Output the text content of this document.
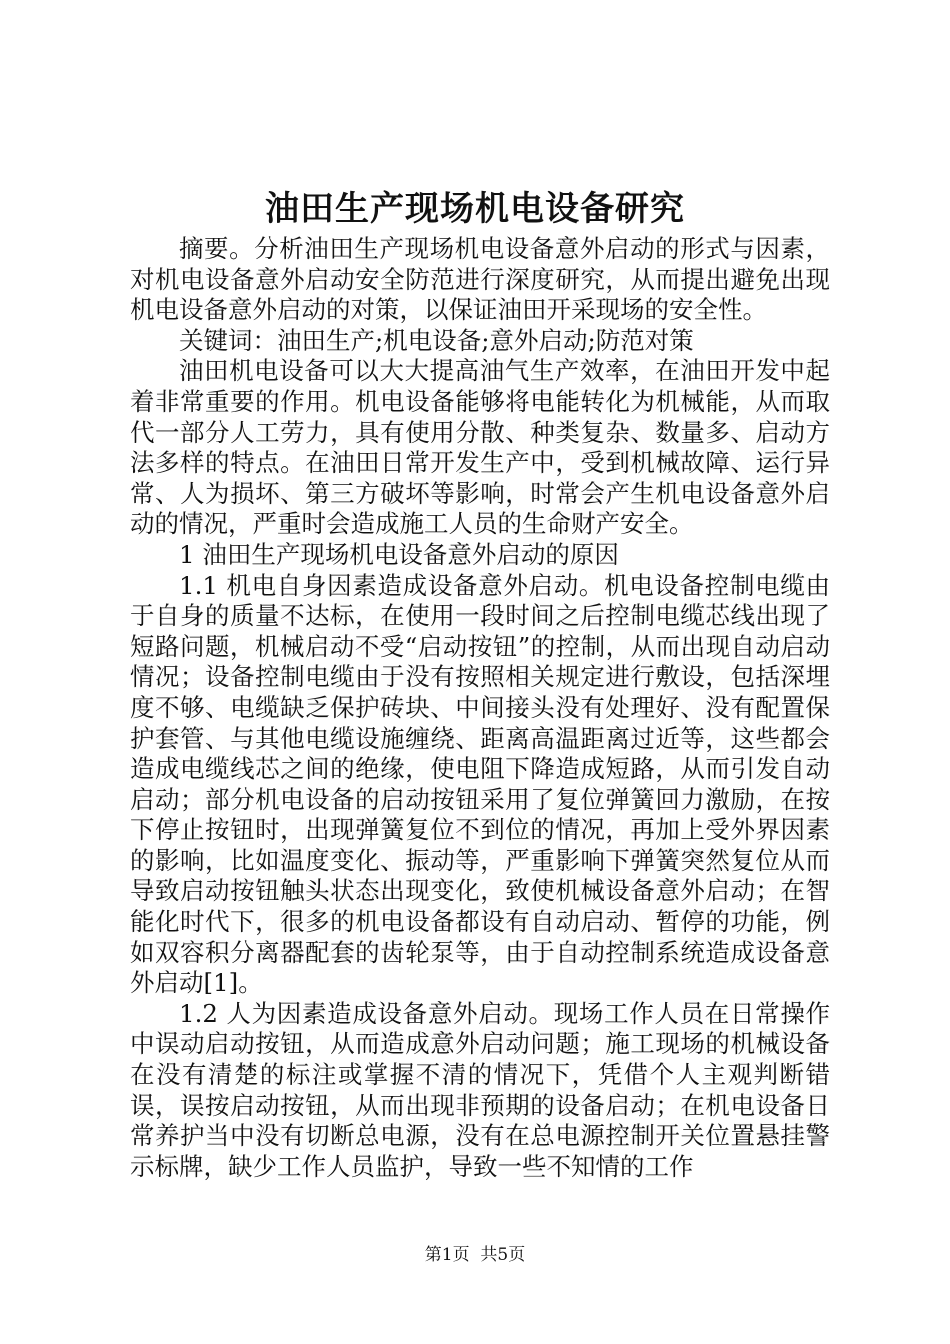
油田生产现场机电设备研究

摘要。分析油田生产现场机电设备意外启动的形式与因素，对机电设备意外启动安全防范进行深度研究，从而提出避免出现机电设备意外启动的对策，以保证油田开采现场的安全性。

关键词：油田生产;机电设备;意外启动;防范对策

油田机电设备可以大大提高油气生产效率，在油田开发中起着非常重要的作用。机电设备能够将电能转化为机械能，从而取代一部分人工劳力，具有使用分散、种类复杂、数量多、启动方法多样的特点。在油田日常开发生产中，受到机械故障、运行异常、人为损坏、第三方破坏等影响，时常会产生机电设备意外启动的情况，严重时会造成施工人员的生命财产安全。

1 油田生产现场机电设备意外启动的原因

1.1 机电自身因素造成设备意外启动。机电设备控制电缆由于自身的质量不达标，在使用一段时间之后控制电缆芯线出现了短路问题，机械启动不受“启动按钮”的控制，从而出现自动启动情况；设备控制电缆由于没有按照相关规定进行敷设，包括深埋度不够、电缆缺乏保护砖块、中间接头没有处理好、没有配置保护套管、与其他电缆设施缠绕、距离高温距离过近等，这些都会造成电缆线芯之间的绝缘，使电阻下降造成短路，从而引发自动启动；部分机电设备的启动按钮采用了复位弹簧回力激励，在按下停止按钮时，出现弹簧复位不到位的情况，再加上受外界因素的影响，比如温度变化、振动等，严重影响下弹簧突然复位从而导致启动按钮触头状态出现变化，致使机械设备意外启动；在智能化时代下，很多的机电设备都设有自动启动、暂停的功能，例如双容积分离器配套的齿轮泵等，由于自动控制系统造成设备意外启动[1]。

1.2 人为因素造成设备意外启动。现场工作人员在日常操作中误动启动按钮，从而造成意外启动问题；施工现场的机械设备在没有清楚的标注或掌握不清的情况下，凭借个人主观判断错误，误按启动按钮，从而出现非预期的设备启动；在机电设备日常养护当中没有切断总电源，没有在总电源控制开关位置悬挂警示标牌，缺少工作人员监护，导致一些不知情的工作

第1页 共5页
